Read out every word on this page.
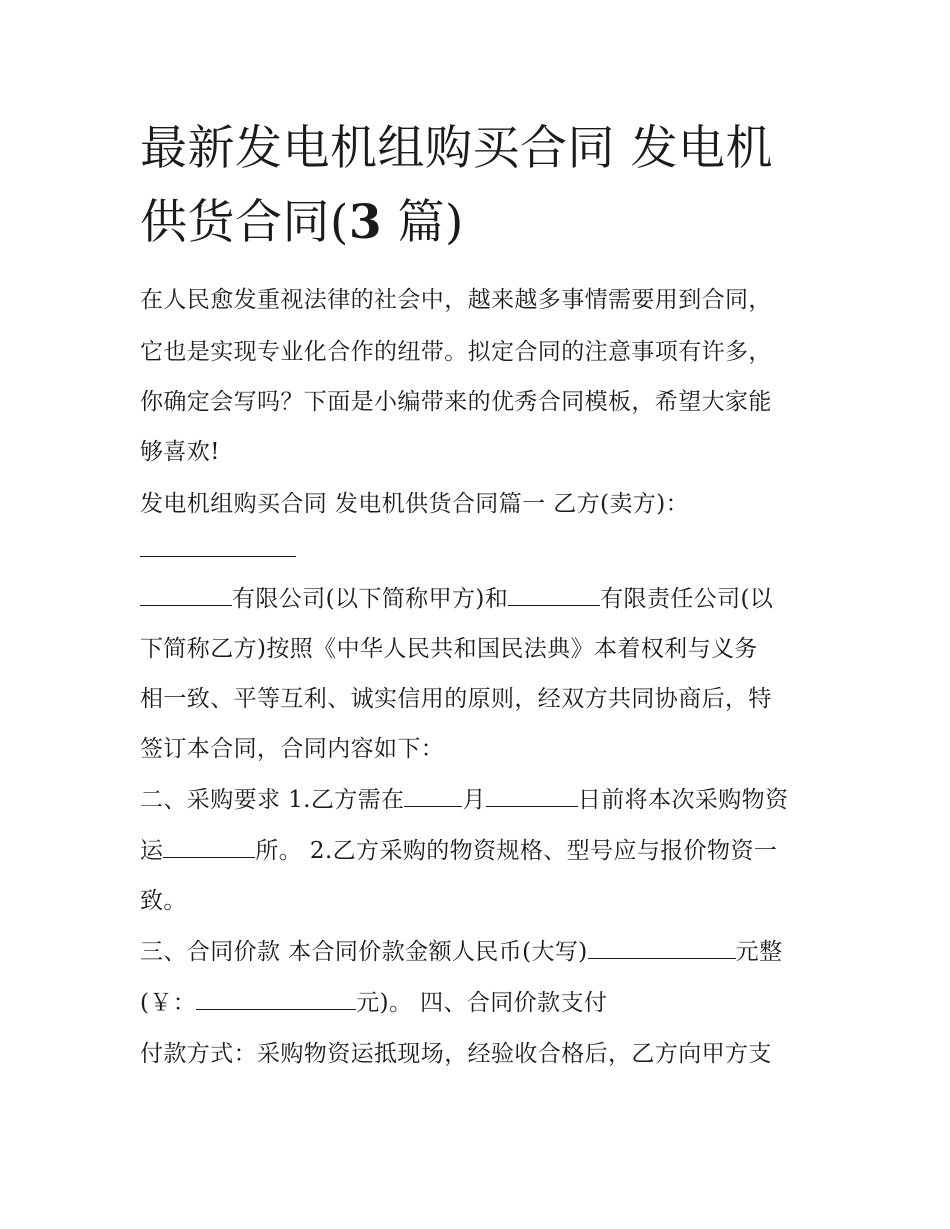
最新发电机组购买合同 发电机
供货合同(3 篇)

在人民愈发重视法律的社会中，越来越多事情需要用到合同，

它也是实现专业化合作的纽带。拟定合同的注意事项有许多，

你确定会写吗？下面是小编带来的优秀合同模板，希望大家能

够喜欢!

发电机组购买合同 发电机供货合同篇一 乙方(卖方)：

有限公司(以下简称甲方)和	有限责任公司(以

下简称乙方)按照《中华人民共和国民法典》本着权利与义务

相一致、平等互利、诚实信用的原则，经双方共同协商后，特

签订本合同，合同内容如下：

二、采购要求 1.乙方需在	月	日前将本次采购物资

运	所。 2.乙方采购的物资规格、型号应与报价物资一

致。

三、合同价款 本合同价款金额人民币(大写)	元整

(￥：	元)。 四、合同价款支付

付款方式：采购物资运抵现场，经验收合格后，乙方向甲方支
